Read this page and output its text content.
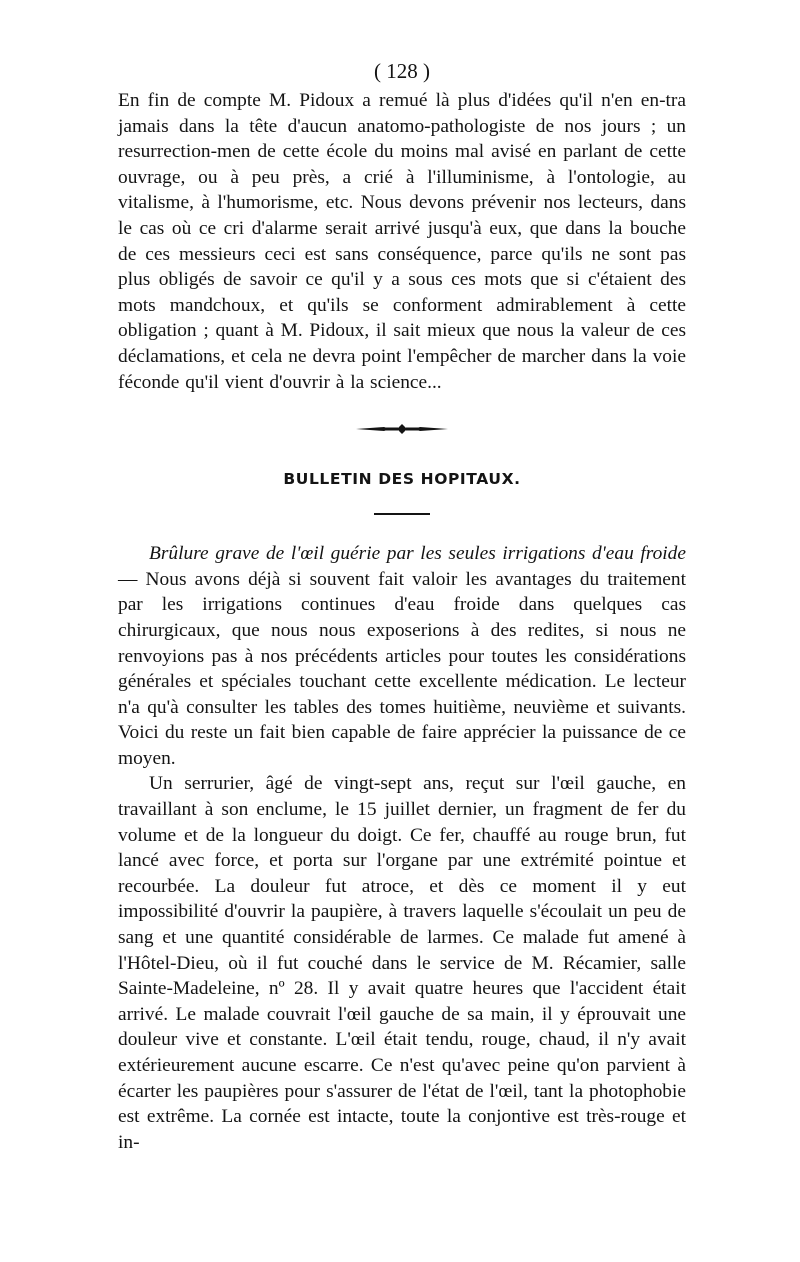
( 128 )

En fin de compte M. Pidoux a remué là plus d'idées qu'il n'en en-tra jamais dans la tête d'aucun anatomo-pathologiste de nos jours ; un resurrection-men de cette école du moins mal avisé en parlant de cette ouvrage, ou à peu près, a crié à l'illuminisme, à l'ontologie, au vitalisme, à l'humorisme, etc. Nous devons prévenir nos lecteurs, dans le cas où ce cri d'alarme serait arrivé jusqu'à eux, que dans la bouche de ces messieurs ceci est sans conséquence, parce qu'ils ne sont pas plus obligés de savoir ce qu'il y a sous ces mots que si c'étaient des mots mandchoux, et qu'ils se conforment admirablement à cette obligation ; quant à M. Pidoux, il sait mieux que nous la valeur de ces déclamations, et cela ne devra point l'empêcher de marcher dans la voie féconde qu'il vient d'ouvrir à la science...

BULLETIN DES HOPITAUX.

Brûlure grave de l'œil guérie par les seules irrigations d'eau froide— Nous avons déjà si souvent fait valoir les avantages du traitement par les irrigations continues d'eau froide dans quelques cas chirurgicaux, que nous nous exposerions à des redites, si nous ne renvoyions pas à nos précédents articles pour toutes les considérations générales et spéciales touchant cette excellente médication. Le lecteur n'a qu'à consulter les tables des tomes huitième, neuvième et suivants. Voici du reste un fait bien capable de faire apprécier la puissance de ce moyen.

Un serrurier, âgé de vingt-sept ans, reçut sur l'œil gauche, en travaillant à son enclume, le 15 juillet dernier, un fragment de fer du volume et de la longueur du doigt. Ce fer, chauffé au rouge brun, fut lancé avec force, et porta sur l'organe par une extrémité pointue et recourbée. La douleur fut atroce, et dès ce moment il y eut impossibilité d'ouvrir la paupière, à travers laquelle s'écoulait un peu de sang et une quantité considérable de larmes. Ce malade fut amené à l'Hôtel-Dieu, où il fut couché dans le service de M. Récamier, salle Sainte-Madeleine, nº 28. Il y avait quatre heures que l'accident était arrivé. Le malade couvrait l'œil gauche de sa main, il y éprouvait une douleur vive et constante. L'œil était tendu, rouge, chaud, il n'y avait extérieurement aucune escarre. Ce n'est qu'avec peine qu'on parvient à écarter les paupières pour s'assurer de l'état de l'œil, tant la photophobie est extrême. La cornée est intacte, toute la conjontive est très-rouge et in-
